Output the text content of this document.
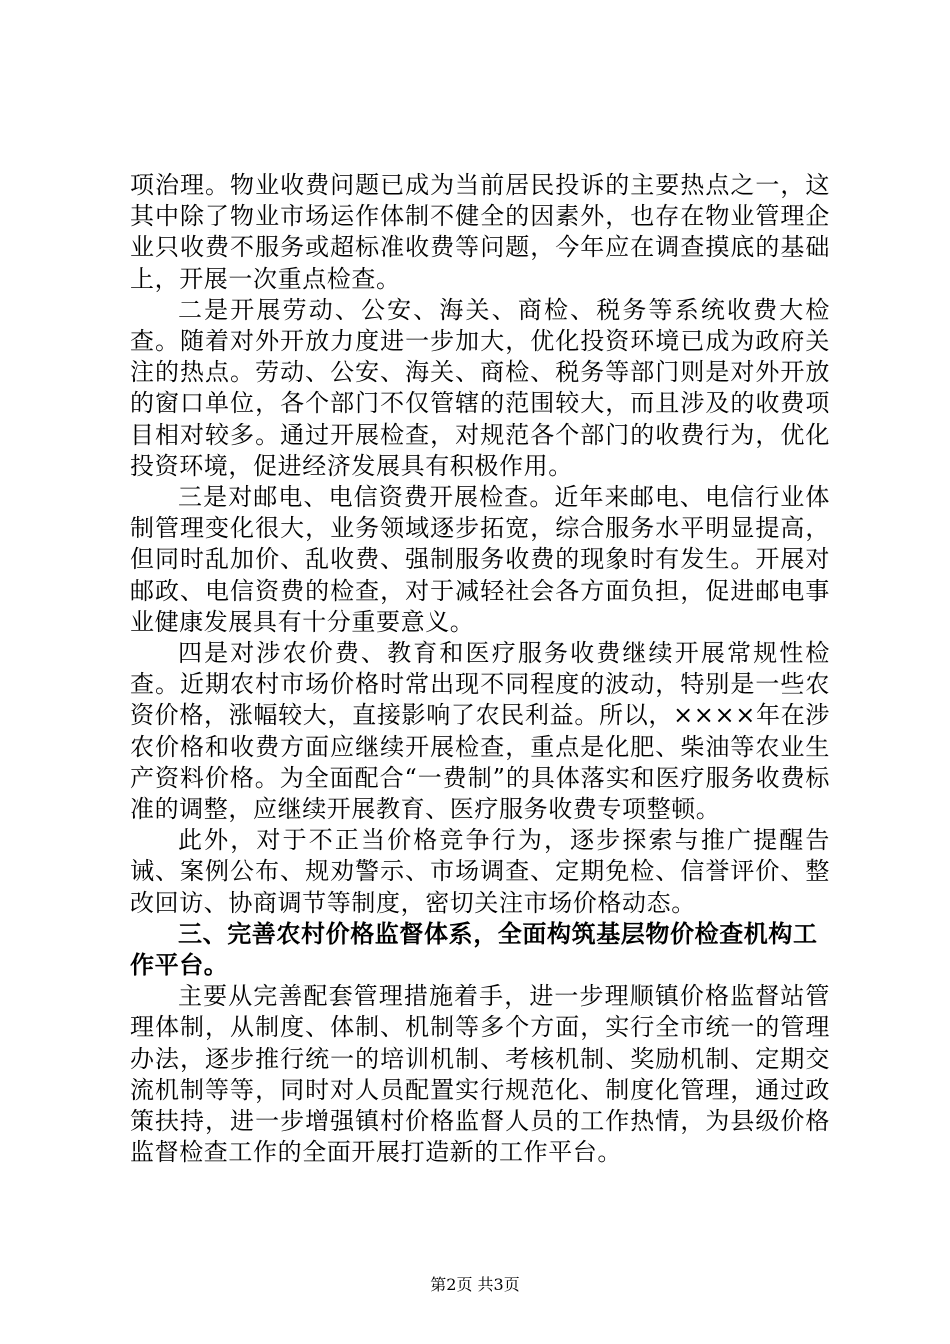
项治理。物业收费问题已成为当前居民投诉的主要热点之一，这其中除了物业市场运作体制不健全的因素外，也存在物业管理企业只收费不服务或超标准收费等问题，今年应在调查摸底的基础上，开展一次重点检查。

二是开展劳动、公安、海关、商检、税务等系统收费大检查。随着对外开放力度进一步加大，优化投资环境已成为政府关注的热点。劳动、公安、海关、商检、税务等部门则是对外开放的窗口单位，各个部门不仅管辖的范围较大，而且涉及的收费项目相对较多。通过开展检查，对规范各个部门的收费行为，优化投资环境，促进经济发展具有积极作用。

三是对邮电、电信资费开展检查。近年来邮电、电信行业体制管理变化很大，业务领域逐步拓宽，综合服务水平明显提高，但同时乱加价、乱收费、强制服务收费的现象时有发生。开展对邮政、电信资费的检查，对于减轻社会各方面负担，促进邮电事业健康发展具有十分重要意义。

四是对涉农价费、教育和医疗服务收费继续开展常规性检查。近期农村市场价格时常出现不同程度的波动，特别是一些农资价格，涨幅较大，直接影响了农民利益。所以，××××年在涉农价格和收费方面应继续开展检查，重点是化肥、柴油等农业生产资料价格。为全面配合“一费制”的具体落实和医疗服务收费标准的调整，应继续开展教育、医疗服务收费专项整顿。

此外，对于不正当价格竞争行为，逐步探索与推广提醒告诫、案例公布、规劝警示、市场调查、定期免检、信誉评价、整改回访、协商调节等制度，密切关注市场价格动态。

三、完善农村价格监督体系，全面构筑基层物价检查机构工作平台。

主要从完善配套管理措施着手，进一步理顺镇价格监督站管理体制，从制度、体制、机制等多个方面，实行全市统一的管理办法，逐步推行统一的培训机制、考核机制、奖励机制、定期交流机制等等，同时对人员配置实行规范化、制度化管理，通过政策扶持，进一步增强镇村价格监督人员的工作热情，为县级价格监督检查工作的全面开展打造新的工作平台。

第2页 共3页
